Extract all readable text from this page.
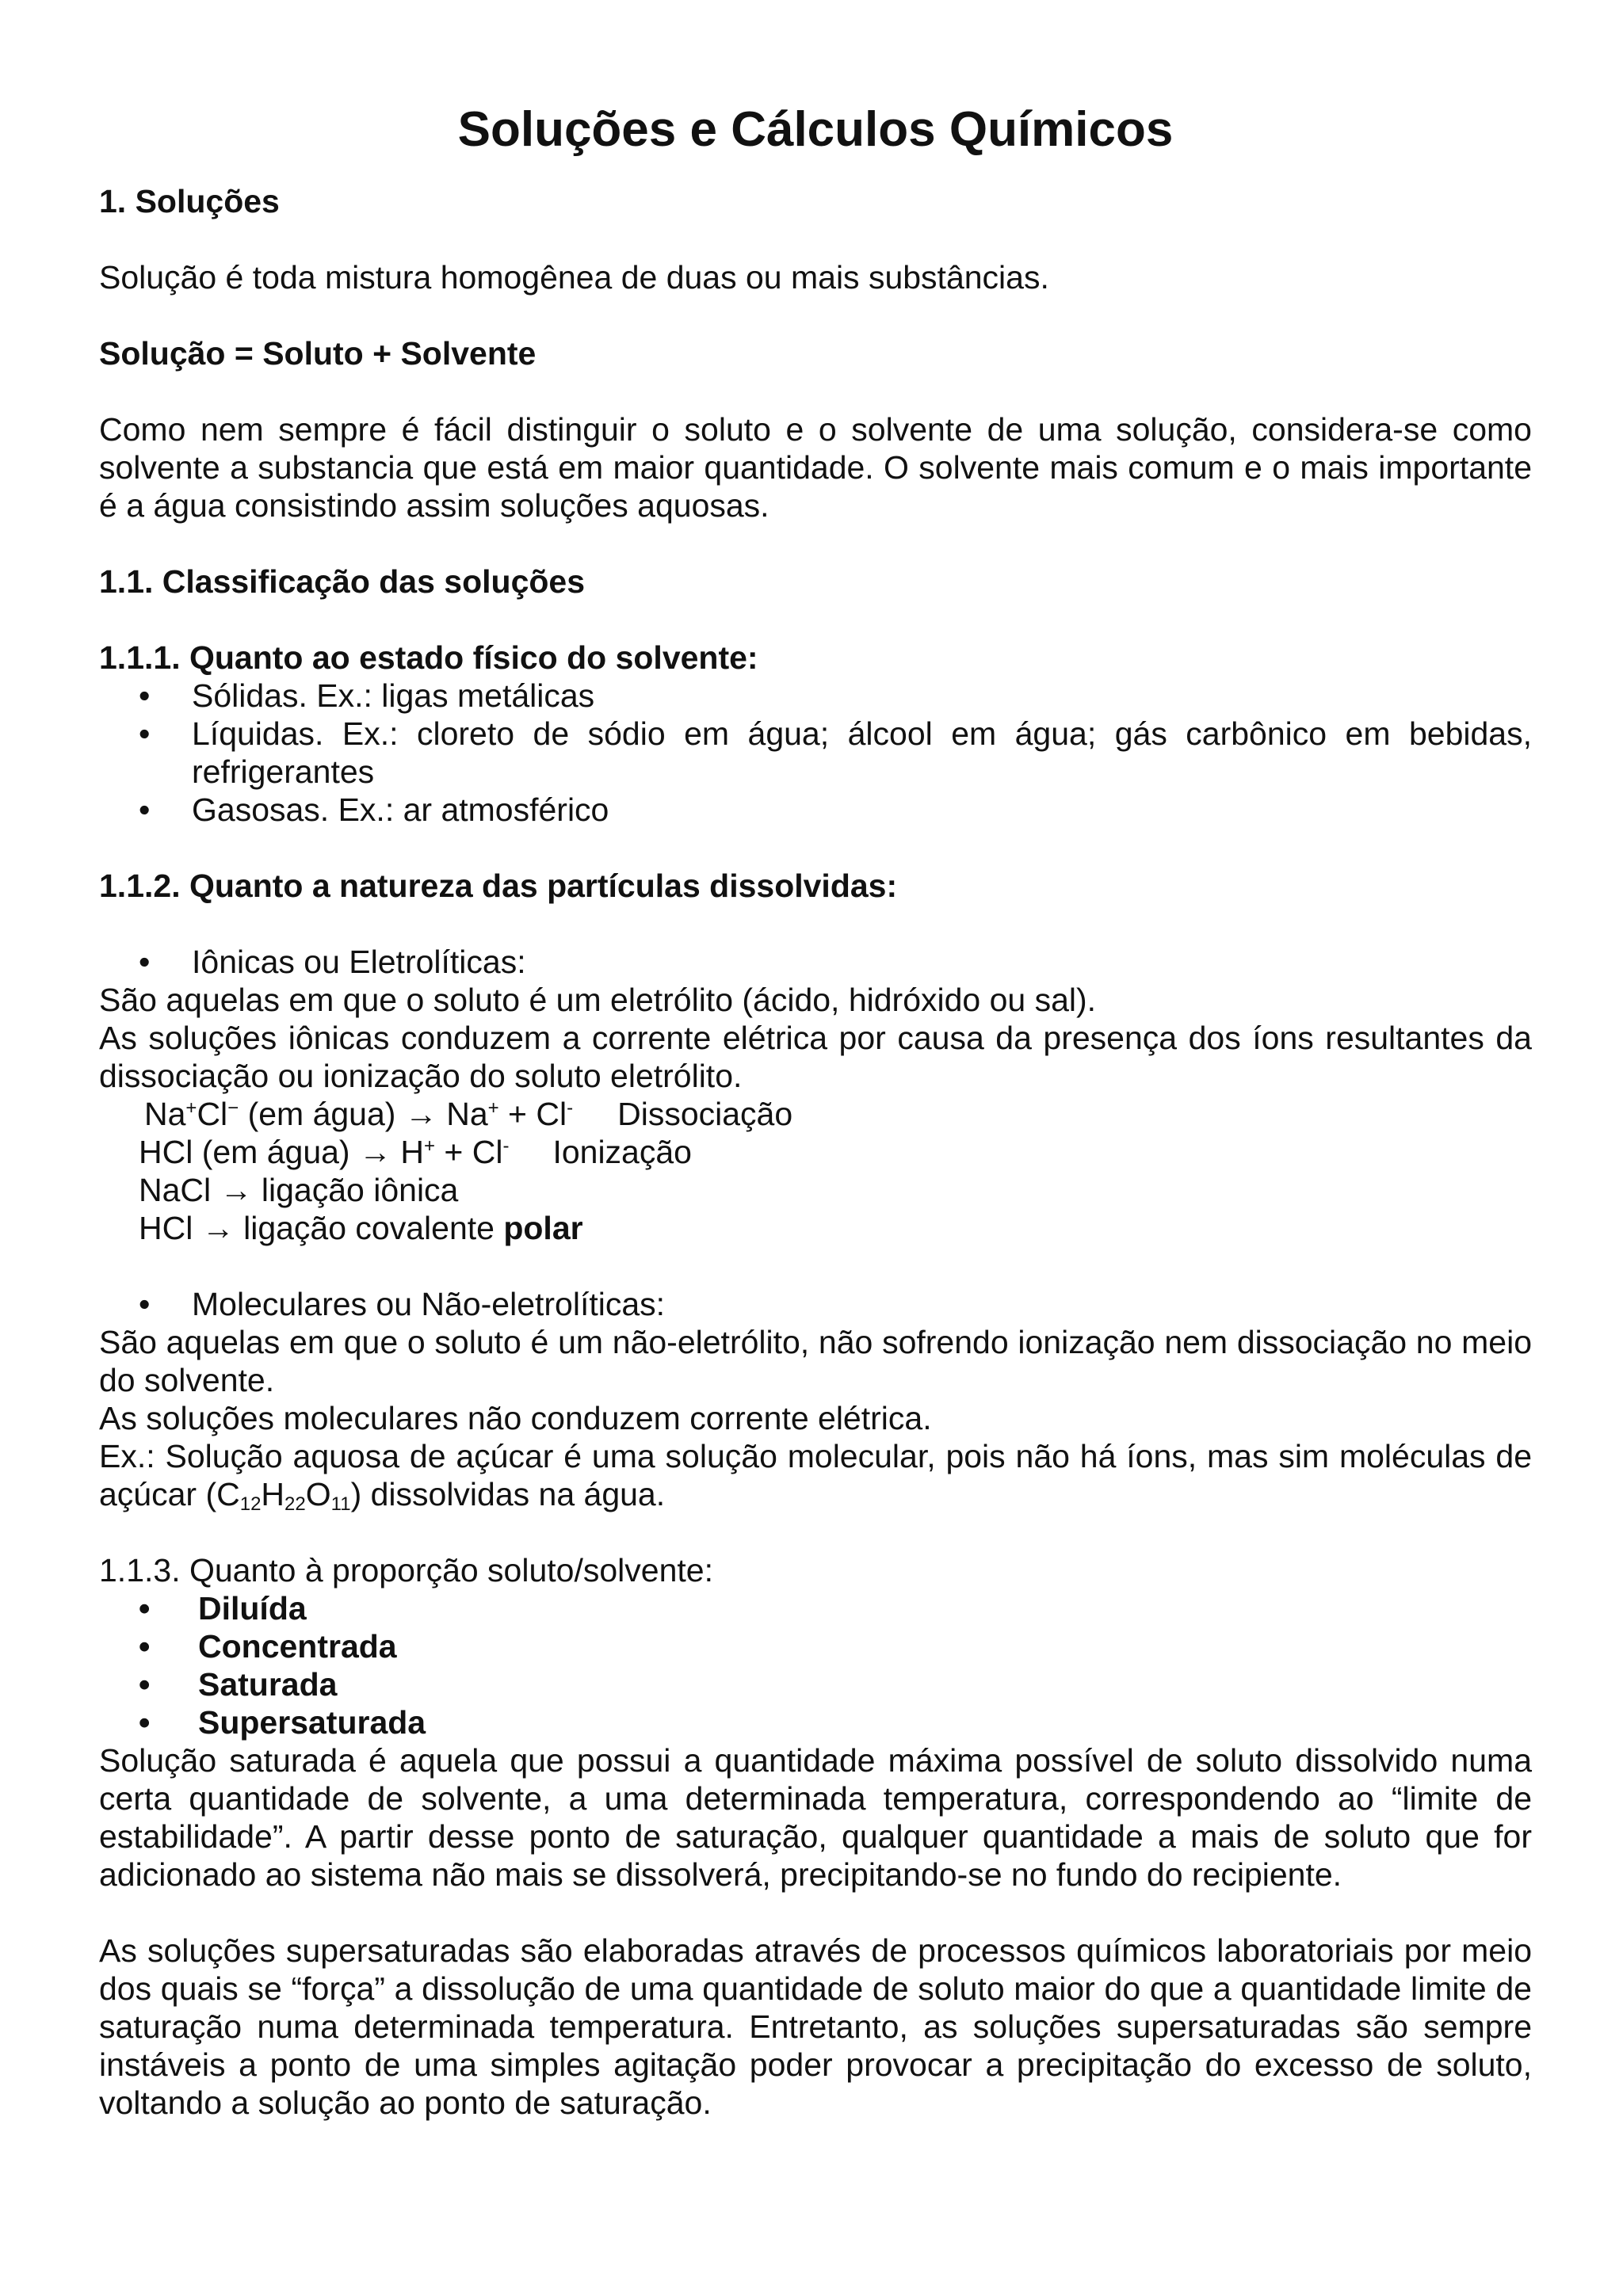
Soluções e Cálculos Químicos
1. Soluções

Solução é toda mistura homogênea de duas ou mais substâncias.

Solução = Soluto + Solvente

Como nem sempre é fácil distinguir o soluto e o solvente de uma solução, considera-se como solvente a substancia que está em maior quantidade. O solvente mais comum e o mais importante é a água consistindo assim soluções aquosas.

1.1. Classificação das soluções
1.1.1. Quanto ao estado físico do solvente:
• Sólidas. Ex.: ligas metálicas
• Líquidas. Ex.: cloreto de sódio em água; álcool em água; gás carbônico em bebidas, refrigerantes
• Gasosas. Ex.: ar atmosférico
1.1.2. Quanto a natureza das partículas dissolvidas:
• Iônicas ou Eletrolíticas:

São aquelas em que o soluto é um eletrólito (ácido, hidróxido ou sal).

As soluções iônicas conduzem a corrente elétrica por causa da presença dos íons resultantes da dissociação ou ionização do soluto eletrólito.

Na+Cl− (em água) → Na+ + Cl- Dissociação
HCl (em água) → H+ + Cl- Ionização
NaCl → ligação iônica
HCl → ligação covalente polar
• Moleculares ou Não-eletrolíticas:

São aquelas em que o soluto é um não-eletrólito, não sofrendo ionização nem dissociação no meio do solvente.

As soluções moleculares não conduzem corrente elétrica.

Ex.: Solução aquosa de açúcar é uma solução molecular, pois não há íons, mas sim moléculas de açúcar $(C_{12}H_{22}O_{11})$ dissolvidas na água.

1.1.3. Quanto à proporção soluto/solvente:

• Diluída
• Concentrada
• Saturada
• Supersaturada

Solução saturada é aquela que possui a quantidade máxima possível de soluto dissolvido numa certa quantidade de solvente, a uma determinada temperatura, correspondendo ao “limite de estabilidade”. A partir desse ponto de saturação, qualquer quantidade a mais de soluto que for adicionado ao sistema não mais se dissolverá, precipitando-se no fundo do recipiente.

As soluções supersaturadas são elaboradas através de processos químicos laboratoriais por meio dos quais se “força” a dissolução de uma quantidade de soluto maior do que a quantidade limite de saturação numa determinada temperatura. Entretanto, as soluções supersaturadas são sempre instáveis a ponto de uma simples agitação poder provocar a precipitação do excesso de soluto, voltando a solução ao ponto de saturação.
